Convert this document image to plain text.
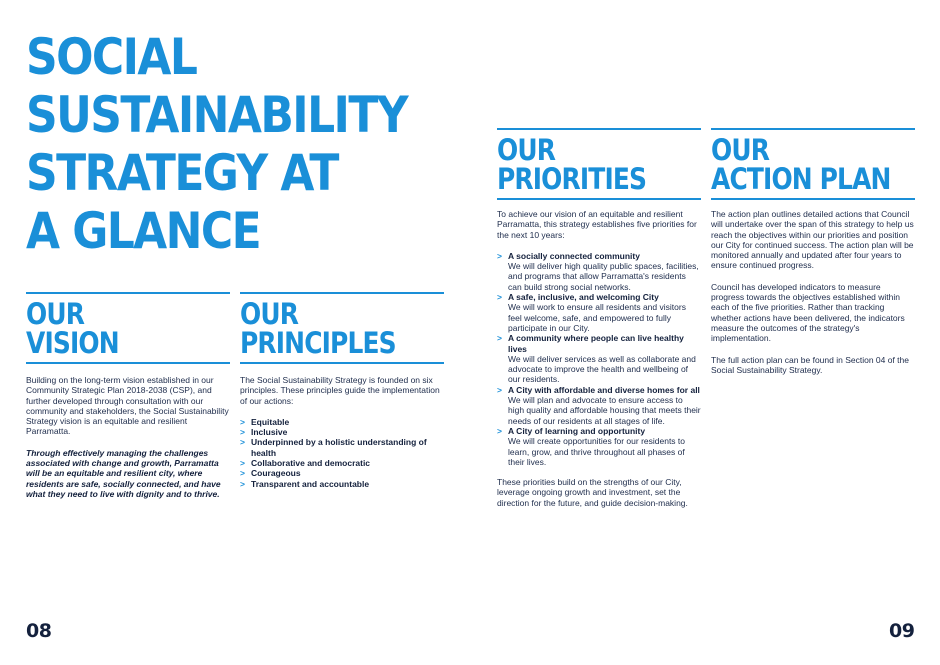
SOCIAL SUSTAINABILITY STRATEGY AT A GLANCE
OUR
VISION

Building on the long-term vision established in our Community Strategic Plan 2018-2038 (CSP), and further developed through consultation with our community and stakeholders, the Social Sustainability Strategy vision is an equitable and resilient Parramatta.

Through effectively managing the challenges associated with change and growth, Parramatta will be an equitable and resilient city, where residents are safe, socially connected, and have what they need to live with dignity and to thrive.

OUR
PRINCIPLES

The Social Sustainability Strategy is founded on six principles. These principles guide the implementation of our actions:

> Equitable
> Inclusive
> Underpinned by a holistic understanding of health
> Collaborative and democratic
> Courageous
> Transparent and accountable
OUR
PRIORITIES

To achieve our vision of an equitable and resilient Parramatta, this strategy establishes five priorities for the next 10 years:

> A socially connected community
We will deliver high quality public spaces, facilities, and programs that allow Parramatta's residents can build strong social networks.
> A safe, inclusive, and welcoming City
We will work to ensure all residents and visitors feel welcome, safe, and empowered to fully participate in our City.
> A community where people can live healthy lives
We will deliver services as well as collaborate and advocate to improve the health and wellbeing of our residents.
> A City with affordable and diverse homes for all
We will plan and advocate to ensure access to high quality and affordable housing that meets their needs of our residents at all stages of life.
> A City of learning and opportunity
We will create opportunities for our residents to learn, grow, and thrive throughout all phases of their lives.

These priorities build on the strengths of our City, leverage ongoing growth and investment, set the direction for the future, and guide decision-making.

OUR
ACTION PLAN

The action plan outlines detailed actions that Council will undertake over the span of this strategy to help us reach the objectives within our priorities and position our City for continued success. The action plan will be monitored annually and updated after four years to ensure continued progress.

Council has developed indicators to measure progress towards the objectives established within each of the five priorities. Rather than tracking whether actions have been delivered, the indicators measure the outcomes of the strategy's implementation.

The full action plan can be found in Section 04 of the Social Sustainability Strategy.

08	09
